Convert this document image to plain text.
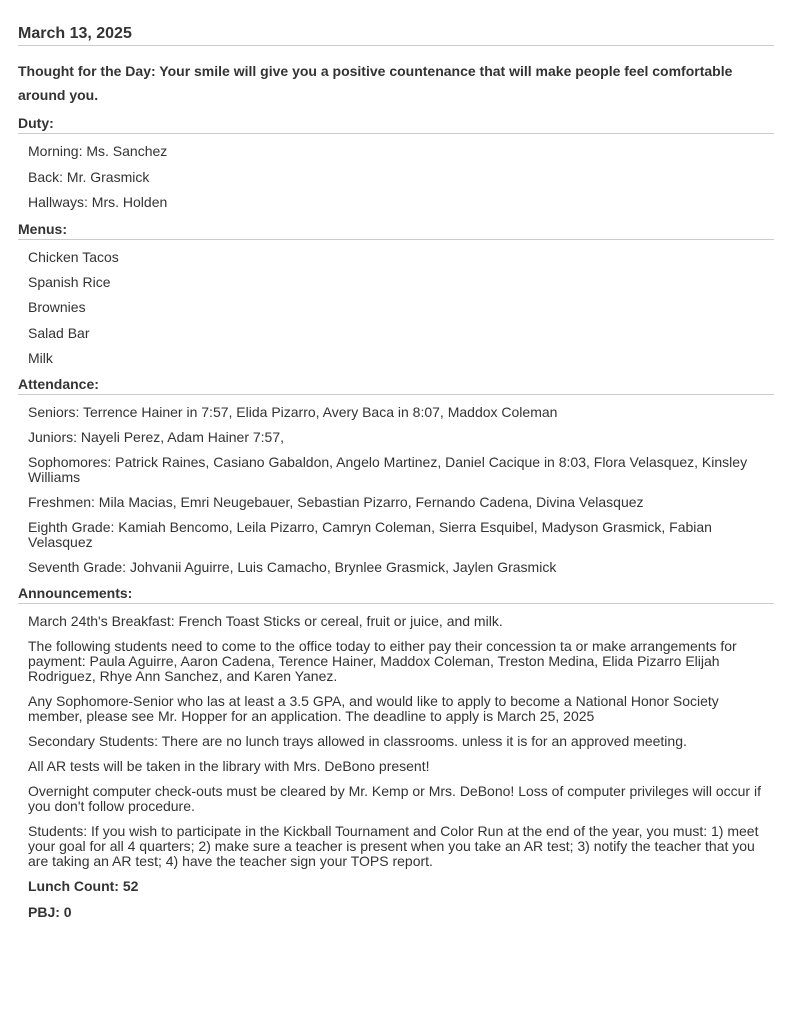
March 13, 2025

Thought for the Day: Your smile will give you a positive countenance that will make people feel comfortable around you.

Duty:
Morning: Ms. Sanchez
Back: Mr. Grasmick
Hallways: Mrs. Holden
Menus:
Chicken Tacos
Spanish Rice
Brownies
Salad Bar
Milk
Attendance:
Seniors: Terrence Hainer in 7:57, Elida Pizarro, Avery Baca in 8:07, Maddox Coleman
Juniors: Nayeli Perez, Adam Hainer 7:57,
Sophomores: Patrick Raines, Casiano Gabaldon, Angelo Martinez, Daniel Cacique in 8:03, Flora Velasquez, Kinsley Williams
Freshmen: Mila Macias, Emri Neugebauer, Sebastian Pizarro, Fernando Cadena, Divina Velasquez
Eighth Grade: Kamiah Bencomo, Leila Pizarro, Camryn Coleman, Sierra Esquibel, Madyson Grasmick, Fabian Velasquez
Seventh Grade: Johvanii Aguirre, Luis Camacho, Brynlee Grasmick, Jaylen Grasmick
Announcements:
March 24th's Breakfast: French Toast Sticks or cereal, fruit or juice, and milk.
The following students need to come to the office today to either pay their concession ta or make arrangements for payment: Paula Aguirre, Aaron Cadena, Terence Hainer, Maddox Coleman, Treston Medina, Elida Pizarro Elijah Rodriguez, Rhye Ann Sanchez, and Karen Yanez.
Any Sophomore-Senior who las at least a 3.5 GPA, and would like to apply to become a National Honor Society member, please see Mr. Hopper for an application. The deadline to apply is March 25, 2025
Secondary Students: There are no lunch trays allowed in classrooms. unless it is for an approved meeting.
All AR tests will be taken in the library with Mrs. DeBono present!
Overnight computer check-outs must be cleared by Mr. Kemp or Mrs. DeBono! Loss of computer privileges will occur if you don't follow procedure.
Students: If you wish to participate in the Kickball Tournament and Color Run at the end of the year, you must: 1) meet your goal for all 4 quarters; 2) make sure a teacher is present when you take an AR test; 3) notify the teacher that you are taking an AR test; 4) have the teacher sign your TOPS report.
Lunch Count: 52
PBJ: 0
